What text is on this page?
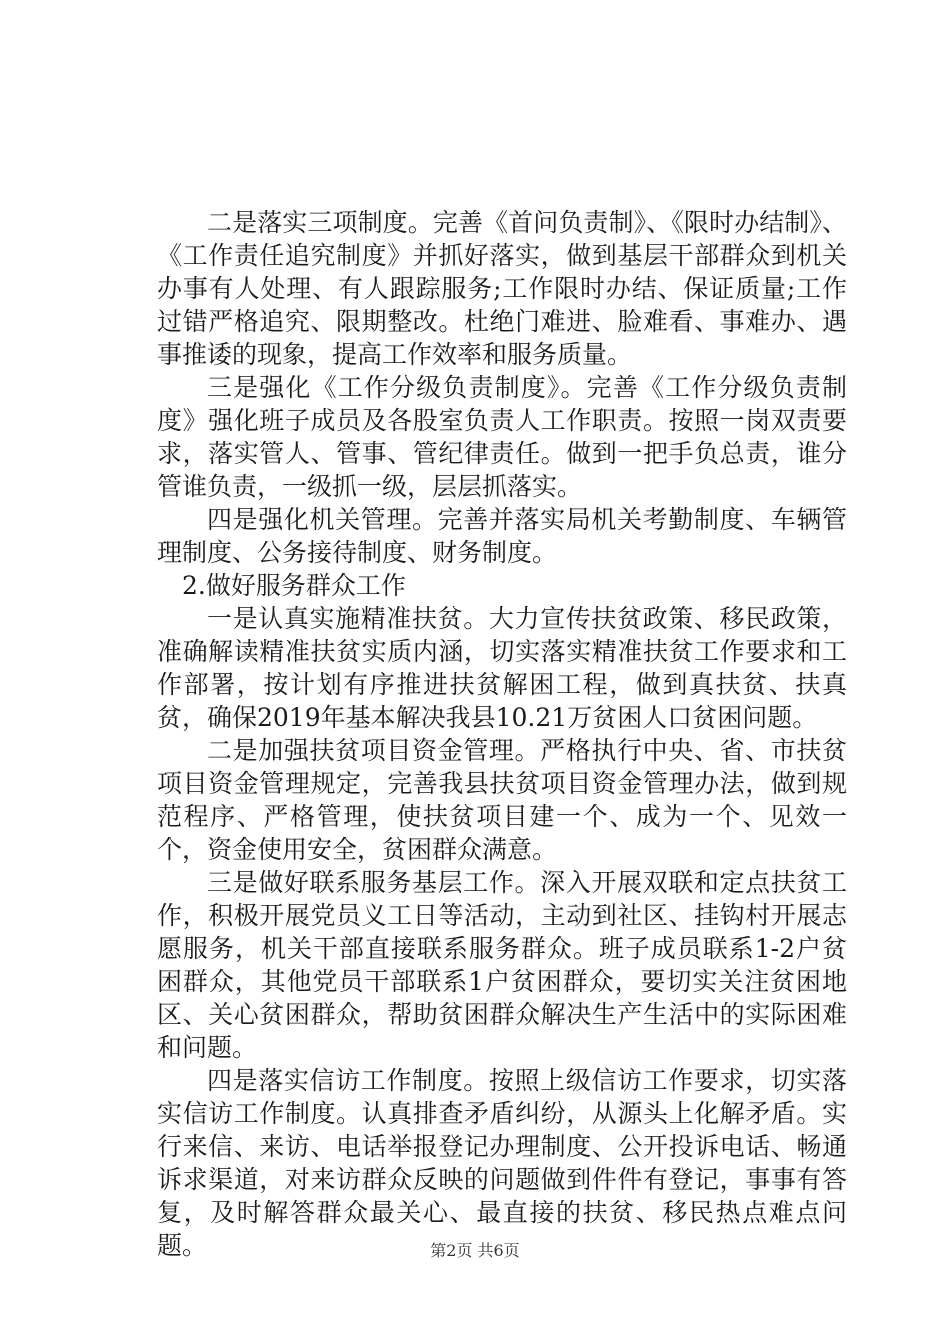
二是落实三项制度。完善《首问负责制》、《限时办结制》、《工作责任追究制度》并抓好落实，做到基层干部群众到机关办事有人处理、有人跟踪服务;工作限时办结、保证质量;工作过错严格追究、限期整改。杜绝门难进、脸难看、事难办、遇事推诿的现象，提高工作效率和服务质量。

三是强化《工作分级负责制度》。完善《工作分级负责制度》强化班子成员及各股室负责人工作职责。按照一岗双责要求，落实管人、管事、管纪律责任。做到一把手负总责，谁分管谁负责，一级抓一级，层层抓落实。

四是强化机关管理。完善并落实局机关考勤制度、车辆管理制度、公务接待制度、财务制度。

2.做好服务群众工作

一是认真实施精准扶贫。大力宣传扶贫政策、移民政策，准确解读精准扶贫实质内涵，切实落实精准扶贫工作要求和工作部署，按计划有序推进扶贫解困工程，做到真扶贫、扶真贫，确保2019年基本解决我县10.21万贫困人口贫困问题。

二是加强扶贫项目资金管理。严格执行中央、省、市扶贫项目资金管理规定，完善我县扶贫项目资金管理办法，做到规范程序、严格管理，使扶贫项目建一个、成为一个、见效一个，资金使用安全，贫困群众满意。

三是做好联系服务基层工作。深入开展双联和定点扶贫工作，积极开展党员义工日等活动，主动到社区、挂钩村开展志愿服务，机关干部直接联系服务群众。班子成员联系1-2户贫困群众，其他党员干部联系1户贫困群众，要切实关注贫困地区、关心贫困群众，帮助贫困群众解决生产生活中的实际困难和问题。

四是落实信访工作制度。按照上级信访工作要求，切实落实信访工作制度。认真排查矛盾纠纷，从源头上化解矛盾。实行来信、来访、电话举报登记办理制度、公开投诉电话、畅通诉求渠道，对来访群众反映的问题做到件件有登记，事事有答复，及时解答群众最关心、最直接的扶贫、移民热点难点问题。	第2页 共6页
